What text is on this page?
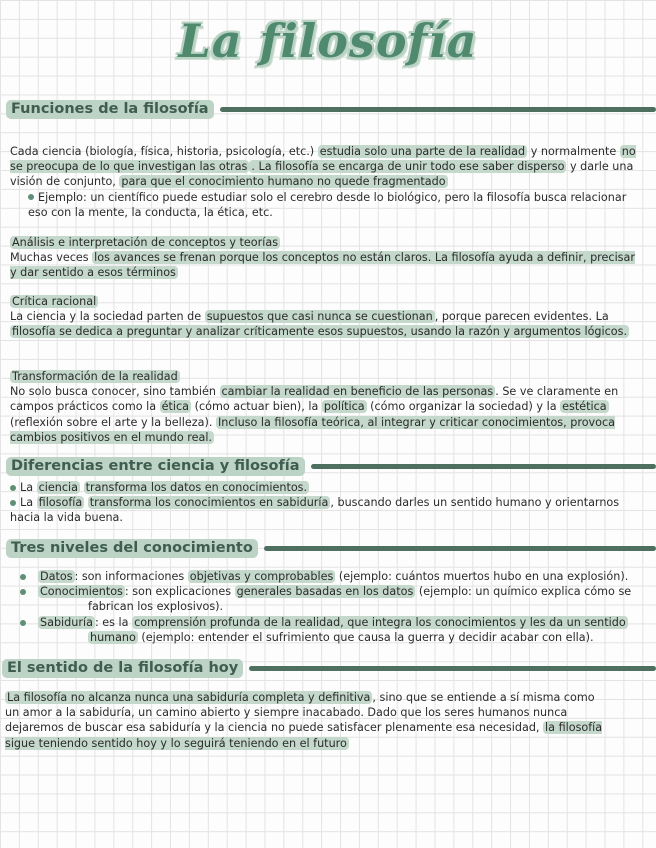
La filosofía
Funciones de la filosofía

Cada ciencia (biología, física, historia, psicología, etc.) estudia solo una parte de la realidad y normalmente no se preocupa de lo que investigan las otras . La filosofía se encarga de unir todo ese saber disperso y darle una visión de conjunto, para que el conocimiento humano no quede fragmentado

Ejemplo: un científico puede estudiar solo el cerebro desde lo biológico, pero la filosofía busca relacionar eso con la mente, la conducta, la ética, etc.

Análisis e interpretación de conceptos y teorías

Muchas veces los avances se frenan porque los conceptos no están claros. La filosofía ayuda a definir, precisar y dar sentido a esos términos

Crítica racional

La ciencia y la sociedad parten de supuestos que casi nunca se cuestionan , porque parecen evidentes. La filosofía se dedica a preguntar y analizar críticamente esos supuestos, usando la razón y argumentos lógicos.

Transformación de la realidad

No solo busca conocer, sino también cambiar la realidad en beneficio de las personas . Se ve claramente en campos prácticos como la ética (cómo actuar bien), la política (cómo organizar la sociedad) y la estética (reflexión sobre el arte y la belleza). Incluso la filosofía teórica, al integrar y criticar conocimientos, provoca cambios positivos en el mundo real.

Diferencias entre ciencia y filosofía

La ciencia transforma los datos en conocimientos.

La filosofía transforma los conocimientos en sabiduría , buscando darles un sentido humano y orientarnos hacia la vida buena.

Tres niveles del conocimiento

Datos : son informaciones objetivas y comprobables (ejemplo: cuántos muertos hubo en una explosión).

Conocimientos : son explicaciones generales basadas en los datos (ejemplo: un químico explica cómo se

fabrican los explosivos).

Sabiduría : es la comprensión profunda de la realidad, que integra los conocimientos y les da un sentido

humano (ejemplo: entender el sufrimiento que causa la guerra y decidir acabar con ella).

El sentido de la filosofía hoy

La filosofía no alcanza nunca una sabiduría completa y definitiva , sino que se entiende a sí misma como un amor a la sabiduría, un camino abierto y siempre inacabado. Dado que los seres humanos nunca dejaremos de buscar esa sabiduría y la ciencia no puede satisfacer plenamente esa necesidad, la filosofía sigue teniendo sentido hoy y lo seguirá teniendo en el futuro
